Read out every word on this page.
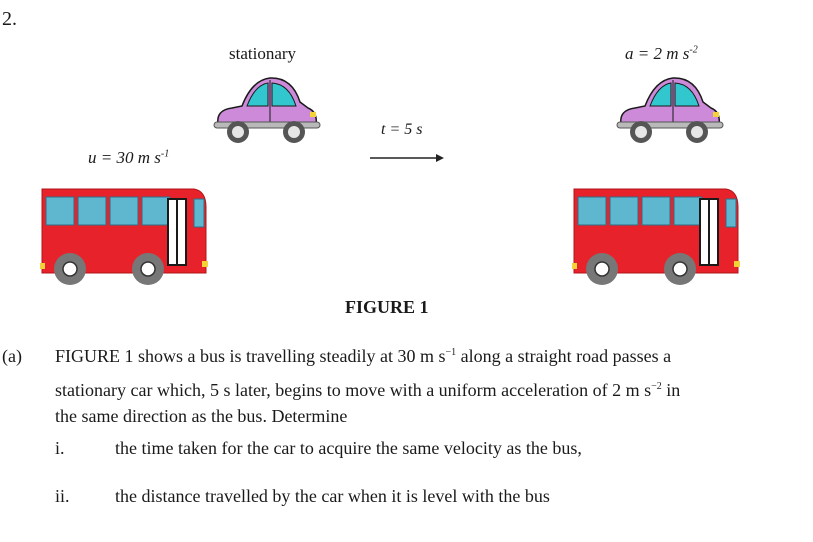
2.
stationary	a = 2 m $s^{-2}$
t = 5 s
u = 30 m $s^{-1}$
FIGURE 1
(a) FIGURE 1 shows a bus is travelling steadily at 30 m $s^{-1}$ along a straight road passes a
stationary car which, 5 s later, begins to move with a uniform acceleration of 2 m $s^{-2}$ in
the same direction as the bus. Determine
i.	the time taken for the car to acquire the same velocity as the bus,
ii.	the distance travelled by the car when it is level with the bus
